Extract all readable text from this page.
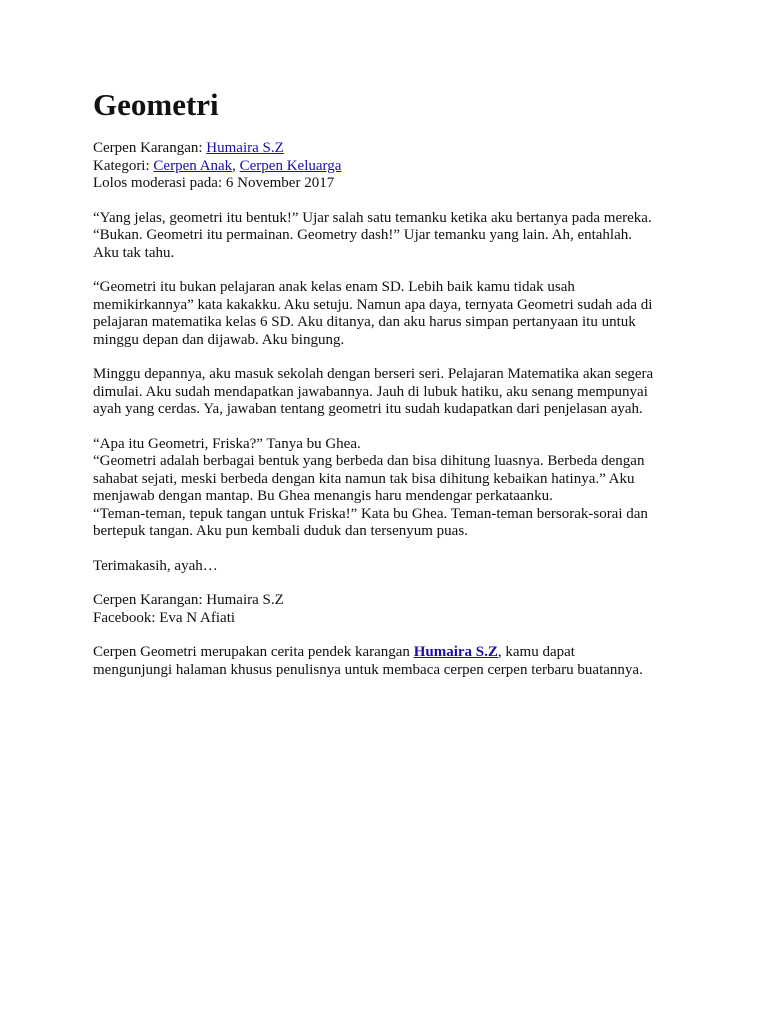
Geometri
Cerpen Karangan: Humaira S.Z
Kategori: Cerpen Anak, Cerpen Keluarga
Lolos moderasi pada: 6 November 2017

“Yang jelas, geometri itu bentuk!” Ujar salah satu temanku ketika aku bertanya pada mereka.
“Bukan. Geometri itu permainan. Geometry dash!” Ujar temanku yang lain. Ah, entahlah.
Aku tak tahu.

“Geometri itu bukan pelajaran anak kelas enam SD. Lebih baik kamu tidak usah
memikirkannya” kata kakakku. Aku setuju. Namun apa daya, ternyata Geometri sudah ada di
pelajaran matematika kelas 6 SD. Aku ditanya, dan aku harus simpan pertanyaan itu untuk
minggu depan dan dijawab. Aku bingung.

Minggu depannya, aku masuk sekolah dengan berseri seri. Pelajaran Matematika akan segera
dimulai. Aku sudah mendapatkan jawabannya. Jauh di lubuk hatiku, aku senang mempunyai
ayah yang cerdas. Ya, jawaban tentang geometri itu sudah kudapatkan dari penjelasan ayah.

“Apa itu Geometri, Friska?” Tanya bu Ghea.
“Geometri adalah berbagai bentuk yang berbeda dan bisa dihitung luasnya. Berbeda dengan
sahabat sejati, meski berbeda dengan kita namun tak bisa dihitung kebaikan hatinya.” Aku
menjawab dengan mantap. Bu Ghea menangis haru mendengar perkataanku.
“Teman-teman, tepuk tangan untuk Friska!” Kata bu Ghea. Teman-teman bersorak-sorai dan
bertepuk tangan. Aku pun kembali duduk dan tersenyum puas.

Terimakasih, ayah…

Cerpen Karangan: Humaira S.Z
Facebook: Eva N Afiati

Cerpen Geometri merupakan cerita pendek karangan Humaira S.Z, kamu dapat
mengunjungi halaman khusus penulisnya untuk membaca cerpen cerpen terbaru buatannya.
